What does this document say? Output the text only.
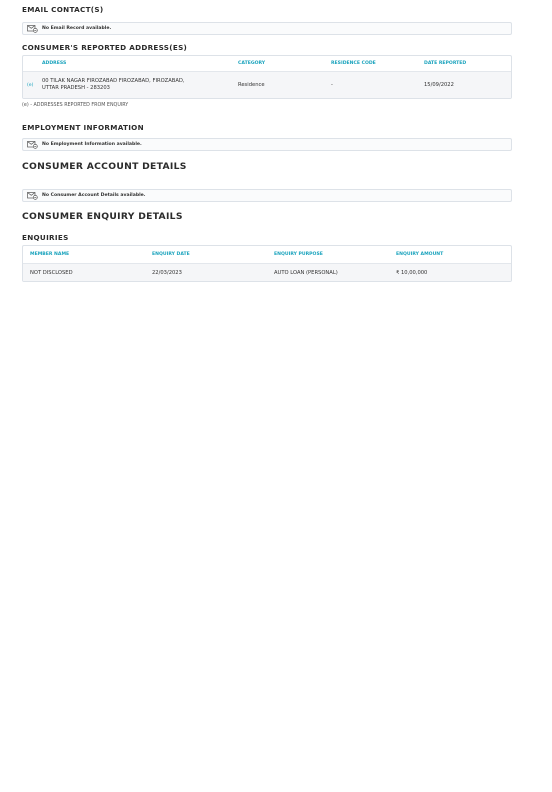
EMAIL CONTACT(S)
No Email Record available.
CONSUMER'S REPORTED ADDRESS(ES)
ADDRESS	CATEGORY	RESIDENCE CODE	DATE REPORTED
(e)
00 TILAK NAGAR FIROZABAD FIROZABAD, FIROZABAD,
UTTAR PRADESH - 283203	Residence	-	15/09/2022
(e) - ADDRESSES REPORTED FROM ENQUIRY
EMPLOYMENT INFORMATION
No Employment Information available.
CONSUMER ACCOUNT DETAILS
No Consumer Account Details available.
CONSUMER ENQUIRY DETAILS
ENQUIRIES
MEMBER NAME	ENQUIRY DATE	ENQUIRY PURPOSE	ENQUIRY AMOUNT
NOT DISCLOSED	22/03/2023	AUTO LOAN (PERSONAL)	₹ 10,00,000
